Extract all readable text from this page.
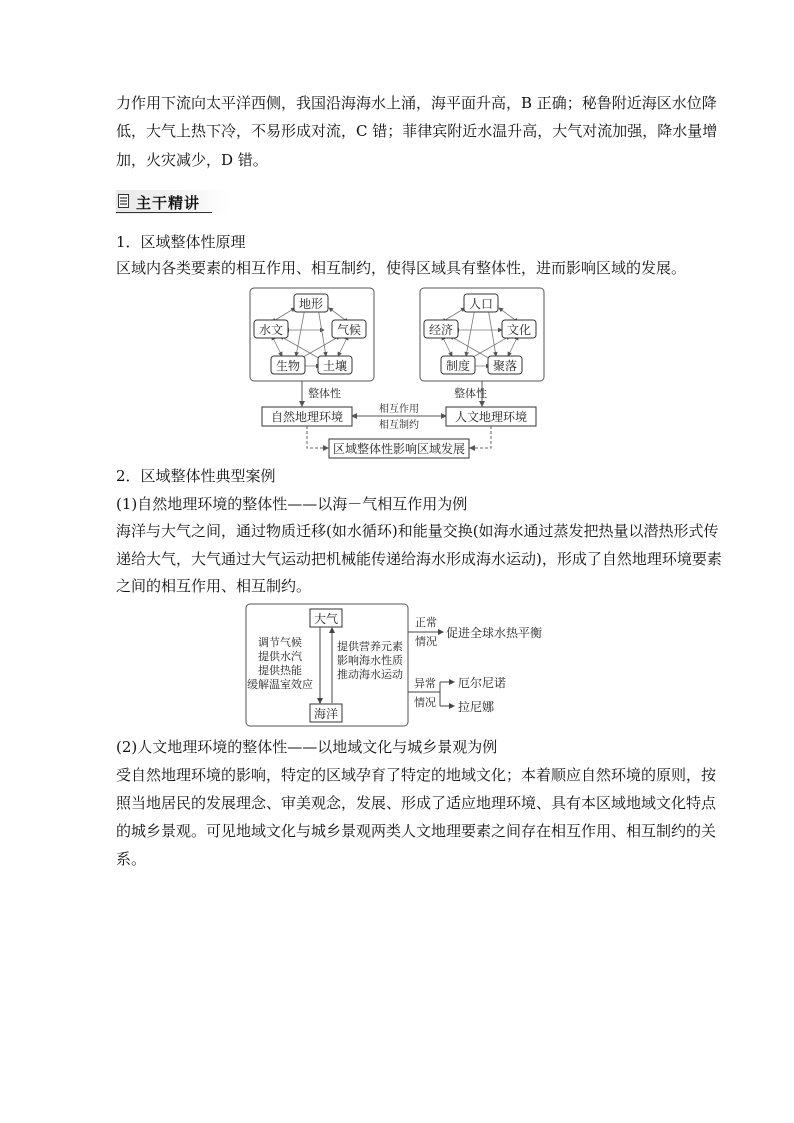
力作用下流向太平洋西侧，我国沿海海水上涌，海平面升高，B 正确；秘鲁附近海区水位降
低，大气上热下冷，不易形成对流，C 错；菲律宾附近水温升高，大气对流加强，降水量增
加，火灾减少，D 错。
主干精讲
1．区域整体性原理
区域内各类要素的相互作用、相互制约，使得区域具有整体性，进而影响区域的发展。
地形
水文	气候
生物 土壤
人口
经济	文化
制度 聚落
整体性	整体性
自然地理环境	人文地理环境
相互作用
相互制约
区域整体性影响区域发展
2．区域整体性典型案例
(1)自然地理环境的整体性——以海－气相互作用为例
海洋与大气之间，通过物质迁移(如水循环)和能量交换(如海水通过蒸发把热量以潜热形式传
递给大气，大气通过大气运动把机械能传递给海水形成海水运动)，形成了自然地理环境要素
之间的相互作用、相互制约。
大气
海洋
调节气候
提供水汽
提供热能
缓解温室效应
提供营养元素
影响海水性质
推动海水运动
正常
情况
促进全球水热平衡
异常
情况
厄尔尼诺
拉尼娜
(2)人文地理环境的整体性——以地域文化与城乡景观为例
受自然地理环境的影响，特定的区域孕育了特定的地域文化；本着顺应自然环境的原则，按
照当地居民的发展理念、审美观念，发展、形成了适应地理环境、具有本区域地域文化特点
的城乡景观。可见地域文化与城乡景观两类人文地理要素之间存在相互作用、相互制约的关
系。
